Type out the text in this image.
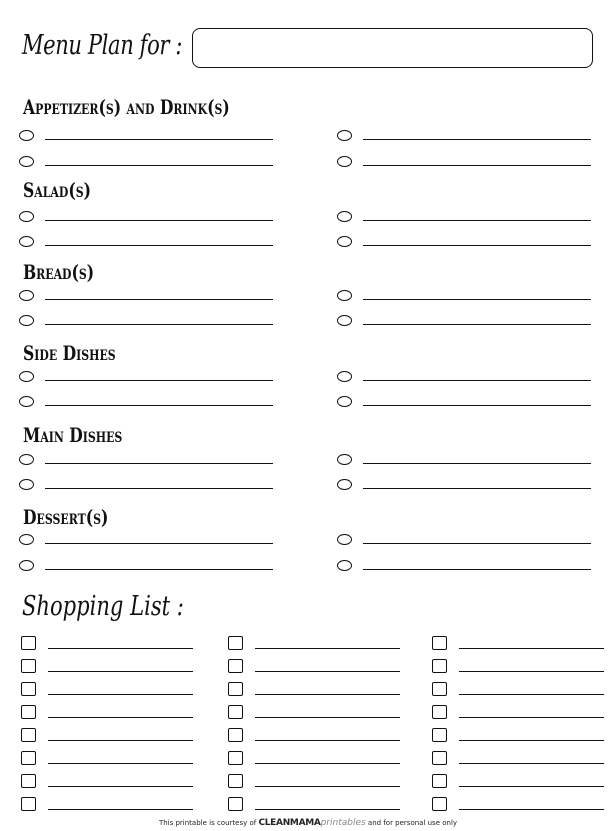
Menu Plan for :
Appetizer(s) and Drink(s)
Salad(s)
Bread(s)
Side Dishes
Main Dishes
Dessert(s)
Shopping List :
This printable is courtesy of CLEANMAMAprintables and for personal use only
